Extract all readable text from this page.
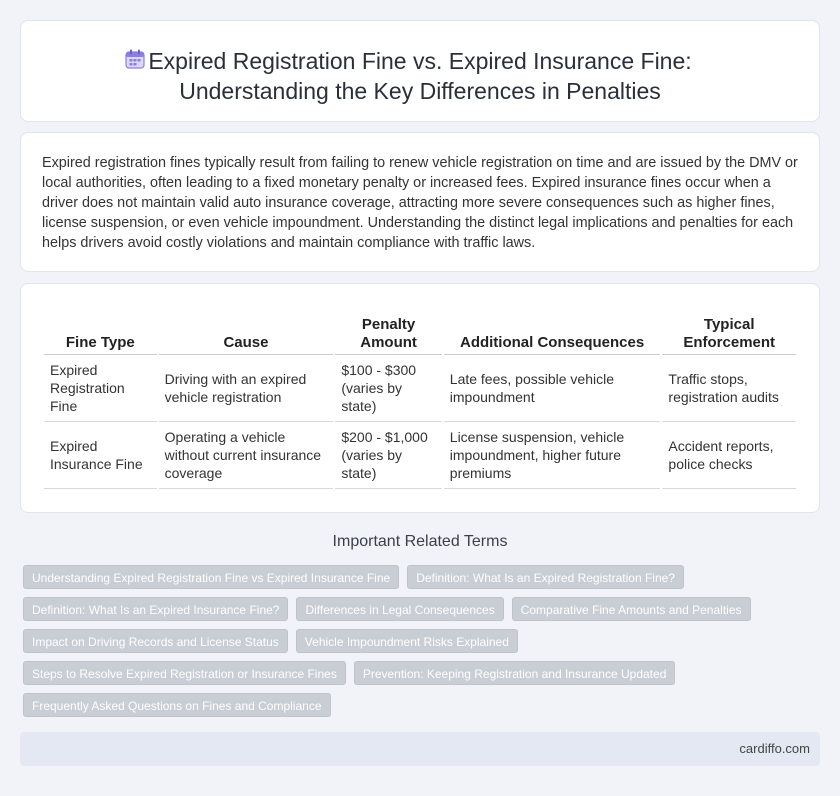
Expired Registration Fine vs. Expired Insurance Fine:
Understanding the Key Differences in Penalties

Expired registration fines typically result from failing to renew vehicle registration on time and are issued by the DMV or local authorities, often leading to a fixed monetary penalty or increased fees. Expired insurance fines occur when a driver does not maintain valid auto insurance coverage, attracting more severe consequences such as higher fines, license suspension, or even vehicle impoundment. Understanding the distinct legal implications and penalties for each helps drivers avoid costly violations and maintain compliance with traffic laws.

Fine Type	Cause	Penalty Amount	Additional Consequences	Typical Enforcement
Expired Registration Fine	Driving with an expired vehicle registration	$100 - $300 (varies by state)	Late fees, possible vehicle impoundment	Traffic stops, registration audits
Expired Insurance Fine	Operating a vehicle without current insurance coverage	$200 - $1,000 (varies by state)	License suspension, vehicle impoundment, higher future premiums	Accident reports, police checks
Important Related Terms
Understanding Expired Registration Fine vs Expired Insurance Fine	Definition: What Is an Expired Registration Fine?
Definition: What Is an Expired Insurance Fine?	Differences in Legal Consequences	Comparative Fine Amounts and Penalties
Impact on Driving Records and License Status	Vehicle Impoundment Risks Explained
Steps to Resolve Expired Registration or Insurance Fines	Prevention: Keeping Registration and Insurance Updated
Frequently Asked Questions on Fines and Compliance
cardiffo.com
